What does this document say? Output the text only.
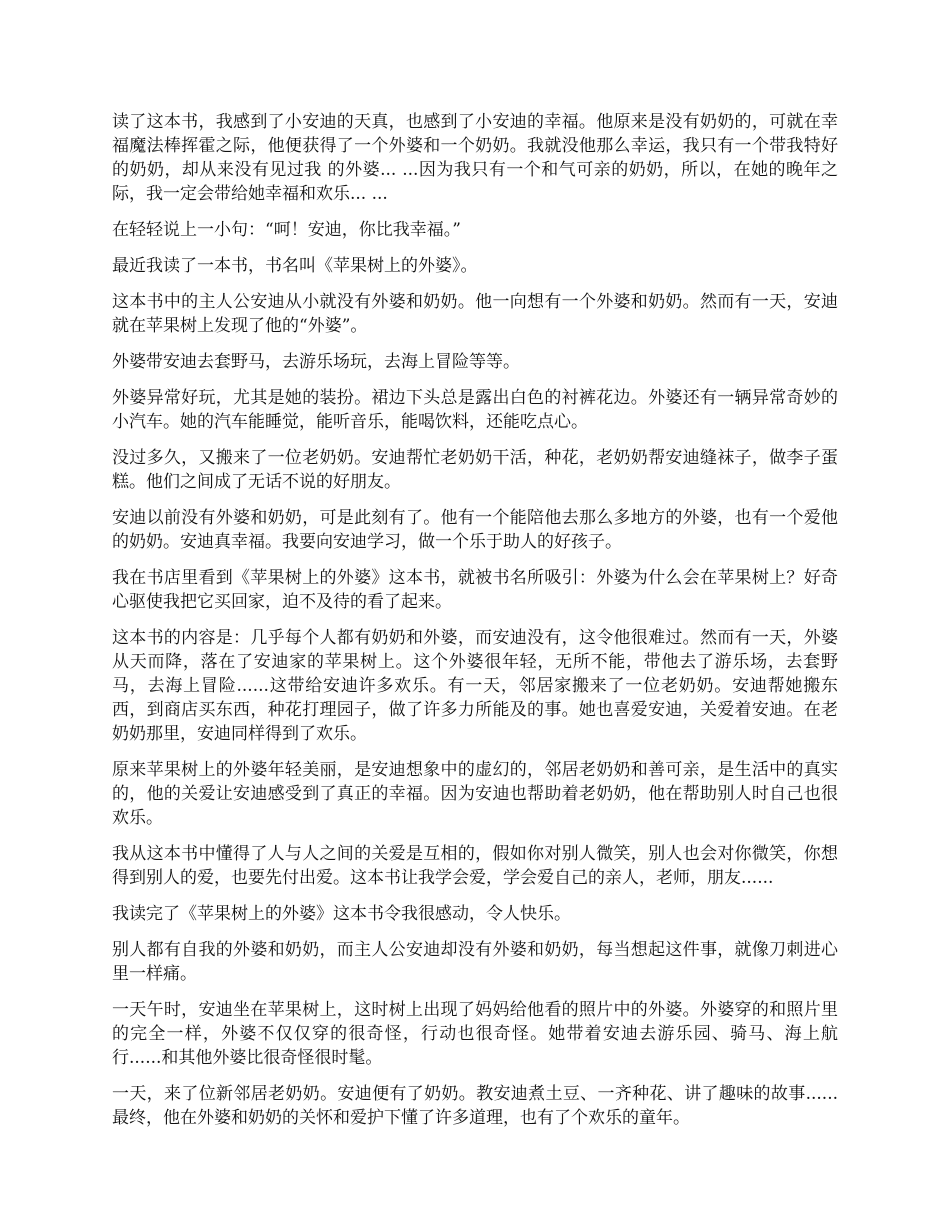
读了这本书，我感到了小安迪的天真，也感到了小安迪的幸福。他原来是没有奶奶的，可就在幸福魔法棒挥霍之际，他便获得了一个外婆和一个奶奶。我就没他那么幸运，我只有一个带我特好的奶奶，却从来没有见过我 的外婆... ...因为我只有一个和气可亲的奶奶，所以，在她的晚年之际，我一定会带给她幸福和欢乐... ...

在轻轻说上一小句：“呵！安迪，你比我幸福。”

最近我读了一本书，书名叫《苹果树上的外婆》。

这本书中的主人公安迪从小就没有外婆和奶奶。他一向想有一个外婆和奶奶。然而有一天，安迪就在苹果树上发现了他的“外婆”。

外婆带安迪去套野马，去游乐场玩，去海上冒险等等。

外婆异常好玩，尤其是她的装扮。裙边下头总是露出白色的衬裤花边。外婆还有一辆异常奇妙的小汽车。她的汽车能睡觉，能听音乐，能喝饮料，还能吃点心。

没过多久，又搬来了一位老奶奶。安迪帮忙老奶奶干活，种花，老奶奶帮安迪缝袜子，做李子蛋糕。他们之间成了无话不说的好朋友。

安迪以前没有外婆和奶奶，可是此刻有了。他有一个能陪他去那么多地方的外婆，也有一个爱他的奶奶。安迪真幸福。我要向安迪学习，做一个乐于助人的好孩子。

我在书店里看到《苹果树上的外婆》这本书，就被书名所吸引：外婆为什么会在苹果树上？好奇心驱使我把它买回家，迫不及待的看了起来。

这本书的内容是：几乎每个人都有奶奶和外婆，而安迪没有，这令他很难过。然而有一天，外婆从天而降，落在了安迪家的苹果树上。这个外婆很年轻，无所不能，带他去了游乐场，去套野马，去海上冒险......这带给安迪许多欢乐。有一天，邻居家搬来了一位老奶奶。安迪帮她搬东西，到商店买东西，种花打理园子，做了许多力所能及的事。她也喜爱安迪，关爱着安迪。在老奶奶那里，安迪同样得到了欢乐。

原来苹果树上的外婆年轻美丽，是安迪想象中的虚幻的，邻居老奶奶和善可亲，是生活中的真实的，他的关爱让安迪感受到了真正的幸福。因为安迪也帮助着老奶奶，他在帮助别人时自己也很欢乐。

我从这本书中懂得了人与人之间的关爱是互相的，假如你对别人微笑，别人也会对你微笑，你想得到别人的爱，也要先付出爱。这本书让我学会爱，学会爱自己的亲人，老师，朋友......

我读完了《苹果树上的外婆》这本书令我很感动，令人快乐。

别人都有自我的外婆和奶奶，而主人公安迪却没有外婆和奶奶，每当想起这件事，就像刀刺进心里一样痛。

一天午时，安迪坐在苹果树上，这时树上出现了妈妈给他看的照片中的外婆。外婆穿的和照片里的完全一样，外婆不仅仅穿的很奇怪，行动也很奇怪。她带着安迪去游乐园、骑马、海上航行......和其他外婆比很奇怪很时髦。

一天，来了位新邻居老奶奶。安迪便有了奶奶。教安迪煮土豆、一齐种花、讲了趣味的故事......最终，他在外婆和奶奶的关怀和爱护下懂了许多道理，也有了个欢乐的童年。
